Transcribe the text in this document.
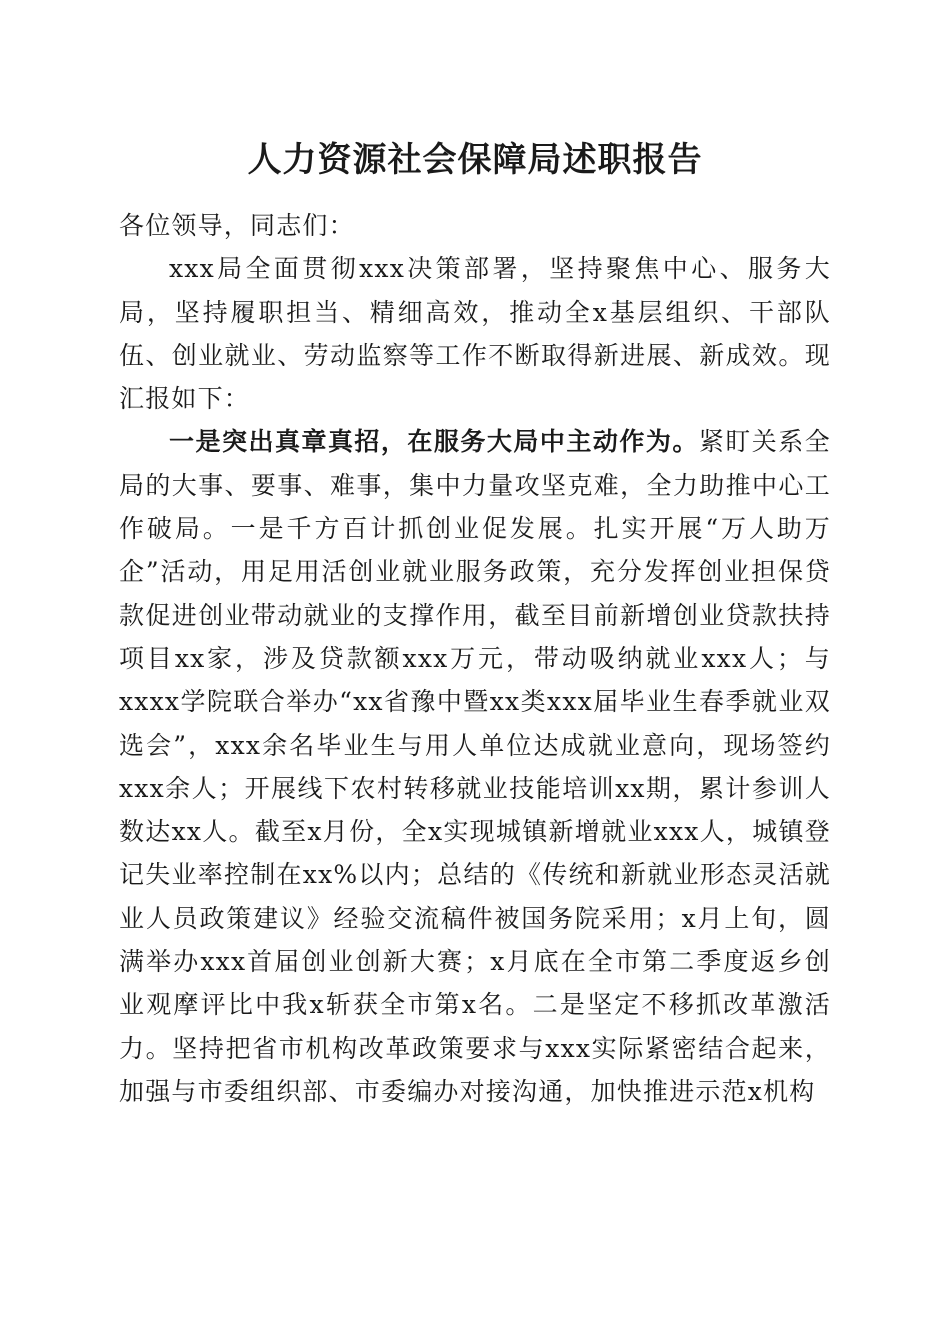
人力资源社会保障局述职报告

各位领导，同志们：

xxx局全面贯彻xxx决策部署，坚持聚焦中心、服务大局，坚持履职担当、精细高效，推动全x基层组织、干部队伍、创业就业、劳动监察等工作不断取得新进展、新成效。现汇报如下：

一是突出真章真招，在服务大局中主动作为。紧盯关系全局的大事、要事、难事，集中力量攻坚克难，全力助推中心工作破局。一是千方百计抓创业促发展。扎实开展“万人助万企”活动，用足用活创业就业服务政策，充分发挥创业担保贷款促进创业带动就业的支撑作用，截至目前新增创业贷款扶持项目xx家，涉及贷款额xxx万元，带动吸纳就业xxx人；与xxxx学院联合举办“xx省豫中暨xx类xxx届毕业生春季就业双选会”，xxx余名毕业生与用人单位达成就业意向，现场签约xxx余人；开展线下农村转移就业技能培训xx期，累计参训人数达xx人。截至x月份，全x实现城镇新增就业xxx人，城镇登记失业率控制在xx%以内；总结的《传统和新就业形态灵活就业人员政策建议》经验交流稿件被国务院采用；x月上旬，圆满举办xxx首届创业创新大赛；x月底在全市第二季度返乡创业观摩评比中我x斩获全市第x名。二是坚定不移抓改革激活力。坚持把省市机构改革政策要求与xxx实际紧密结合起来，加强与市委组织部、市委编办对接沟通，加快推进示范x机构
